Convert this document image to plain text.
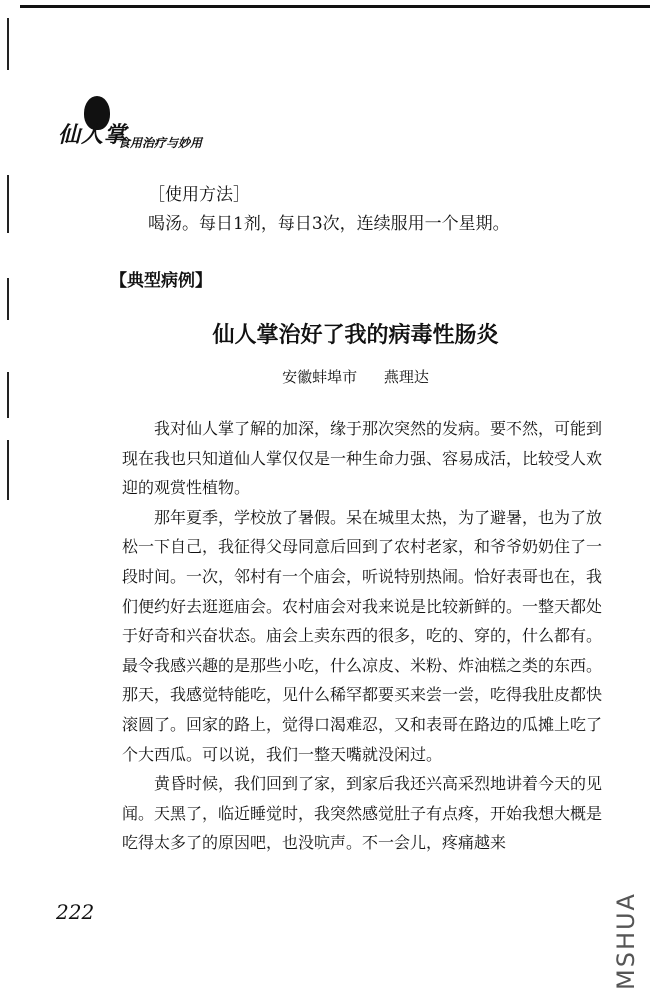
仙人掌
食用治疗与妙用
［使用方法］
喝汤。每日1剂，每日3次，连续服用一个星期。
【典型病例】
仙人掌治好了我的病毒性肠炎
安徽蚌埠市 燕理达

我对仙人掌了解的加深，缘于那次突然的发病。要不然，可能到现在我也只知道仙人掌仅仅是一种生命力强、容易成活，比较受人欢迎的观赏性植物。

那年夏季，学校放了暑假。呆在城里太热，为了避暑，也为了放松一下自己，我征得父母同意后回到了农村老家，和爷爷奶奶住了一段时间。一次，邻村有一个庙会，听说特别热闹。恰好表哥也在，我们便约好去逛逛庙会。农村庙会对我来说是比较新鲜的。一整天都处于好奇和兴奋状态。庙会上卖东西的很多，吃的、穿的，什么都有。最令我感兴趣的是那些小吃，什么凉皮、米粉、炸油糕之类的东西。那天，我感觉特能吃，见什么稀罕都要买来尝一尝，吃得我肚皮都快滚圆了。回家的路上，觉得口渴难忍，又和表哥在路边的瓜摊上吃了个大西瓜。可以说，我们一整天嘴就没闲过。

黄昏时候，我们回到了家，到家后我还兴高采烈地讲着今天的见闻。天黑了，临近睡觉时，我突然感觉肚子有点疼，开始我想大概是吃得太多了的原因吧，也没吭声。不一会儿，疼痛越来

222	MSHUA
